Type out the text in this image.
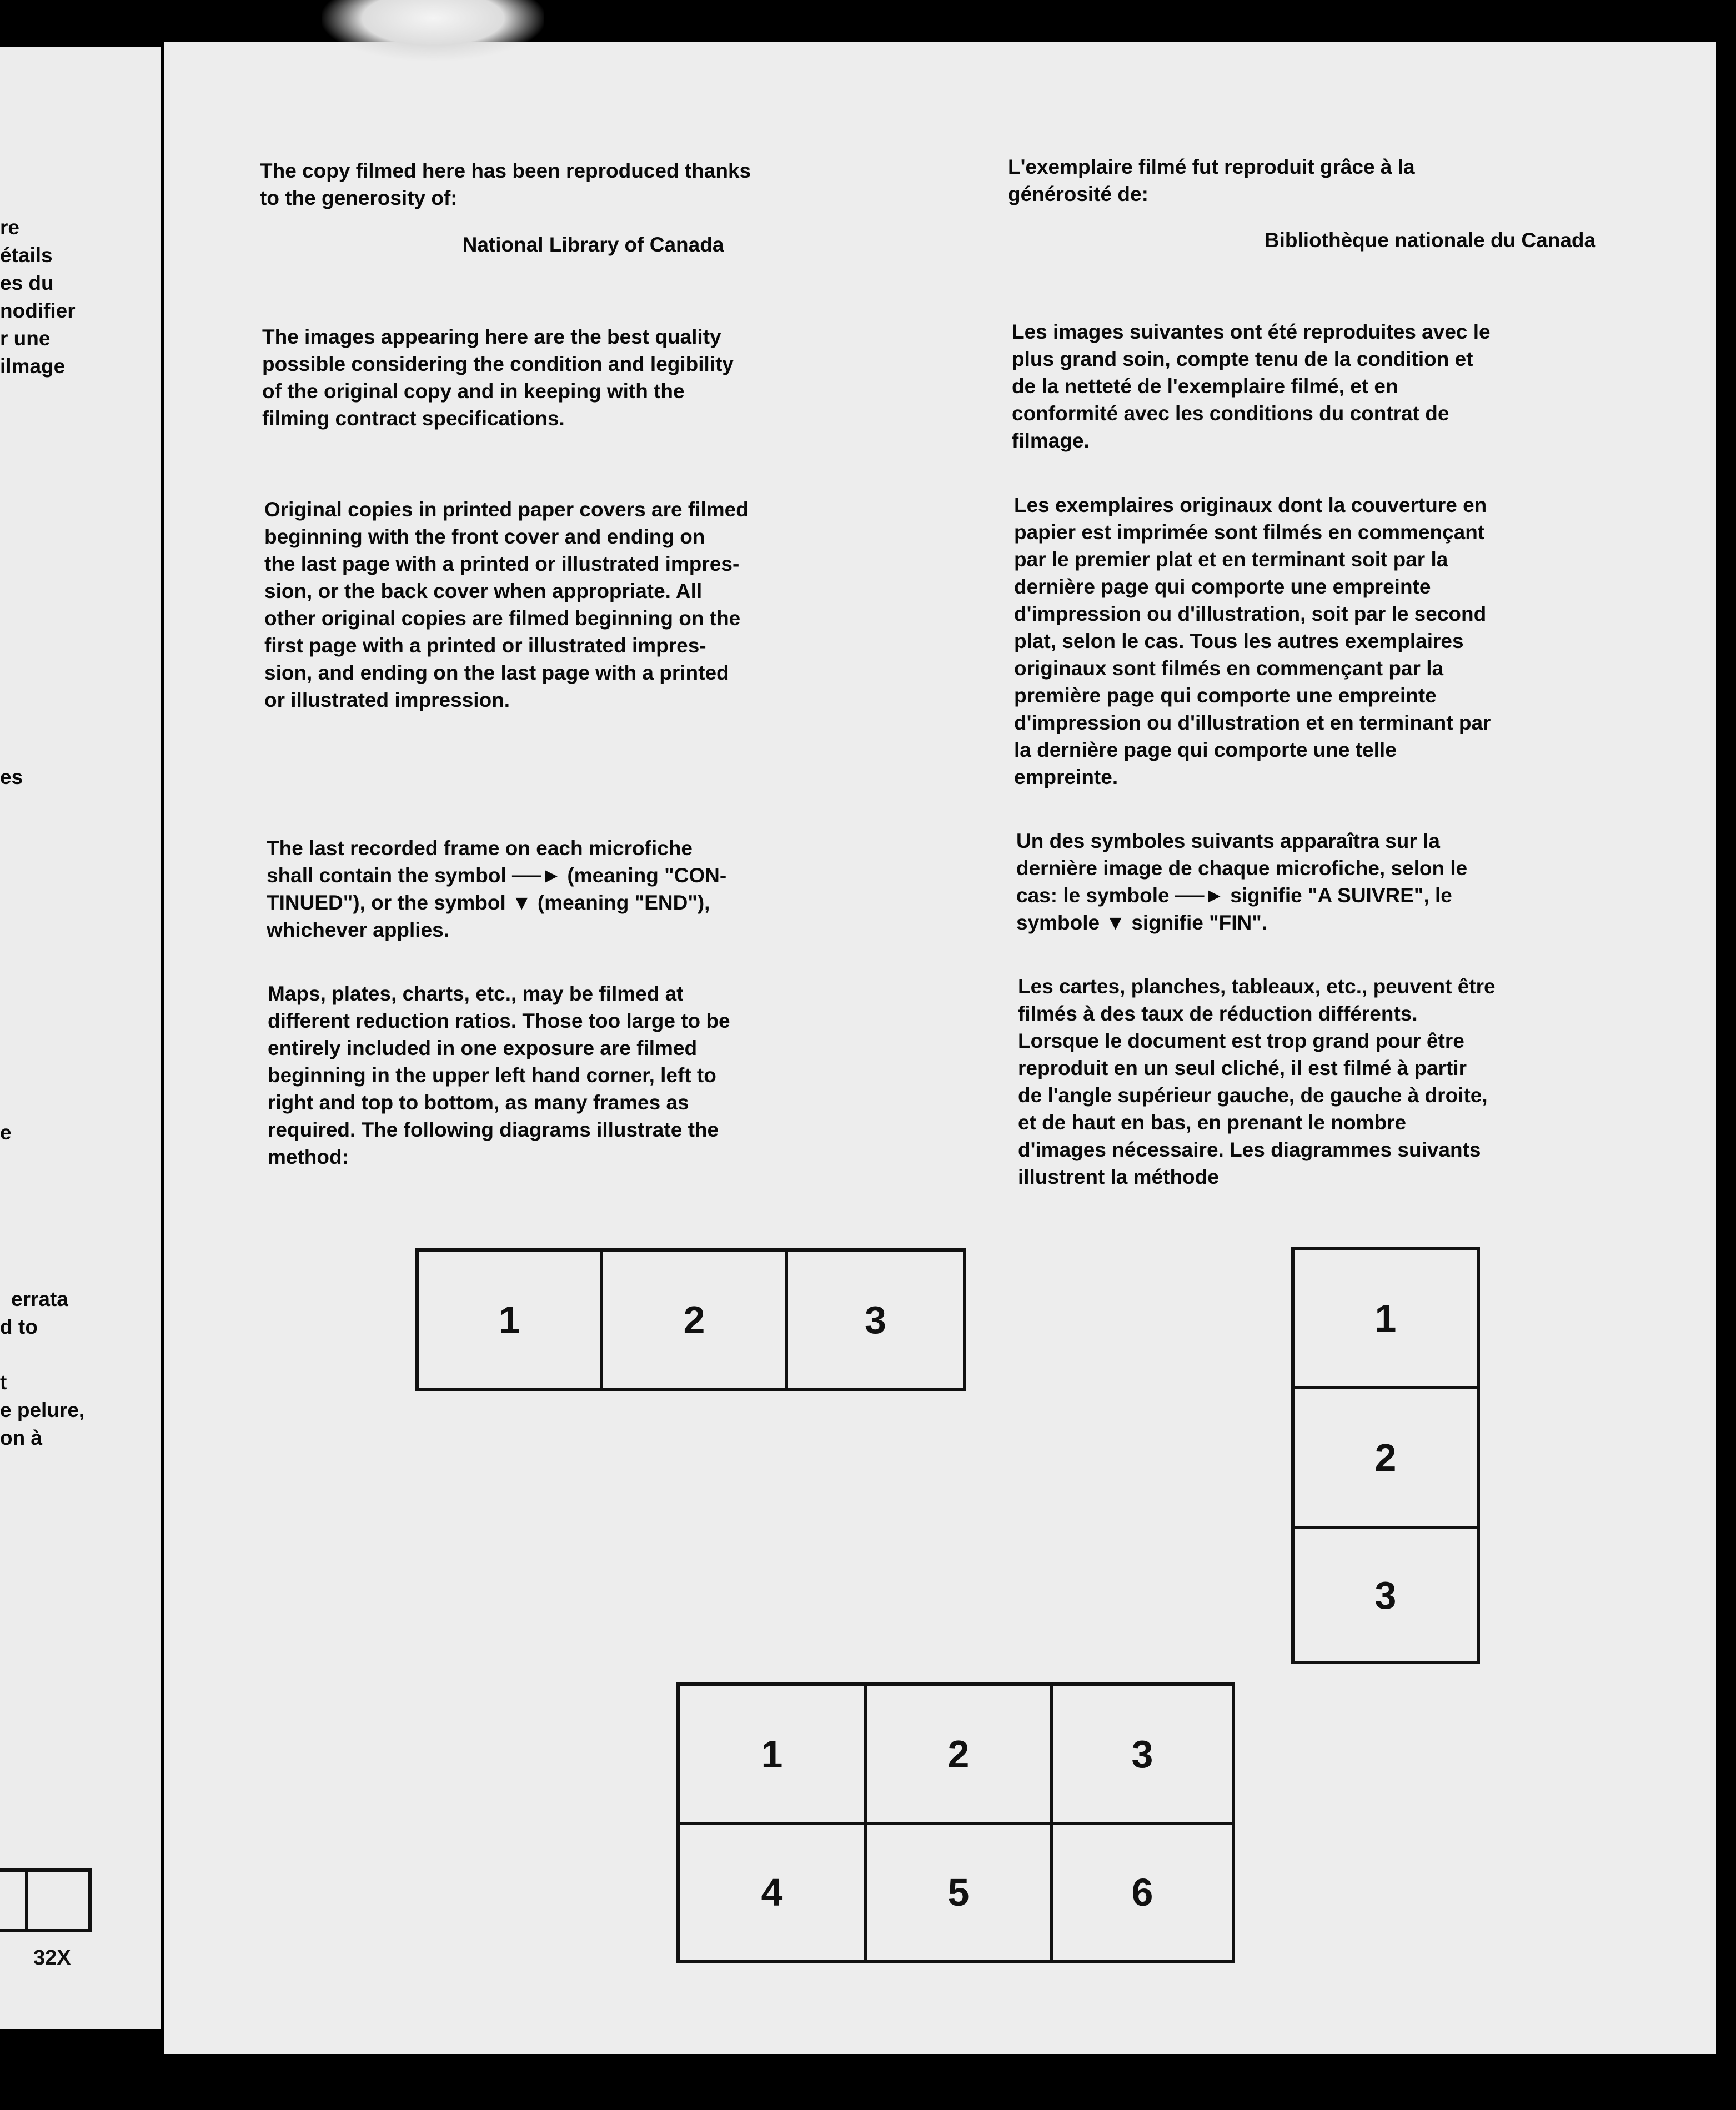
re

étails

es du

nodifier

r une

ilmage

es

e

errata

d to

t

e pelure,

on à

32X

The copy filmed here has been reproduced thanks
to the generosity of:

National Library of Canada

The images appearing here are the best quality
possible considering the condition and legibility
of the original copy and in keeping with the
filming contract specifications.

Original copies in printed paper covers are filmed
beginning with the front cover and ending on
the last page with a printed or illustrated impres-
sion, or the back cover when appropriate. All
other original copies are filmed beginning on the
first page with a printed or illustrated impres-
sion, and ending on the last page with a printed
or illustrated impression.

The last recorded frame on each microfiche
shall contain the symbol ──► (meaning "CON-
TINUED"), or the symbol ▼ (meaning "END"),
whichever applies.

Maps, plates, charts, etc., may be filmed at
different reduction ratios. Those too large to be
entirely included in one exposure are filmed
beginning in the upper left hand corner, left to
right and top to bottom, as many frames as
required. The following diagrams illustrate the
method:

L'exemplaire filmé fut reproduit grâce à la
générosité de:

Bibliothèque nationale du Canada

Les images suivantes ont été reproduites avec le
plus grand soin, compte tenu de la condition et
de la netteté de l'exemplaire filmé, et en
conformité avec les conditions du contrat de
filmage.

Les exemplaires originaux dont la couverture en
papier est imprimée sont filmés en commençant
par le premier plat et en terminant soit par la
dernière page qui comporte une empreinte
d'impression ou d'illustration, soit par le second
plat, selon le cas. Tous les autres exemplaires
originaux sont filmés en commençant par la
première page qui comporte une empreinte
d'impression ou d'illustration et en terminant par
la dernière page qui comporte une telle
empreinte.

Un des symboles suivants apparaîtra sur la
dernière image de chaque microfiche, selon le
cas: le symbole ──► signifie "A SUIVRE", le
symbole ▼ signifie "FIN".

Les cartes, planches, tableaux, etc., peuvent être
filmés à des taux de réduction différents.
Lorsque le document est trop grand pour être
reproduit en un seul cliché, il est filmé à partir
de l'angle supérieur gauche, de gauche à droite,
et de haut en bas, en prenant le nombre
d'images nécessaire. Les diagrammes suivants
illustrent la méthode

1	2	3	1
2
3
1	2	3
4	5	6
